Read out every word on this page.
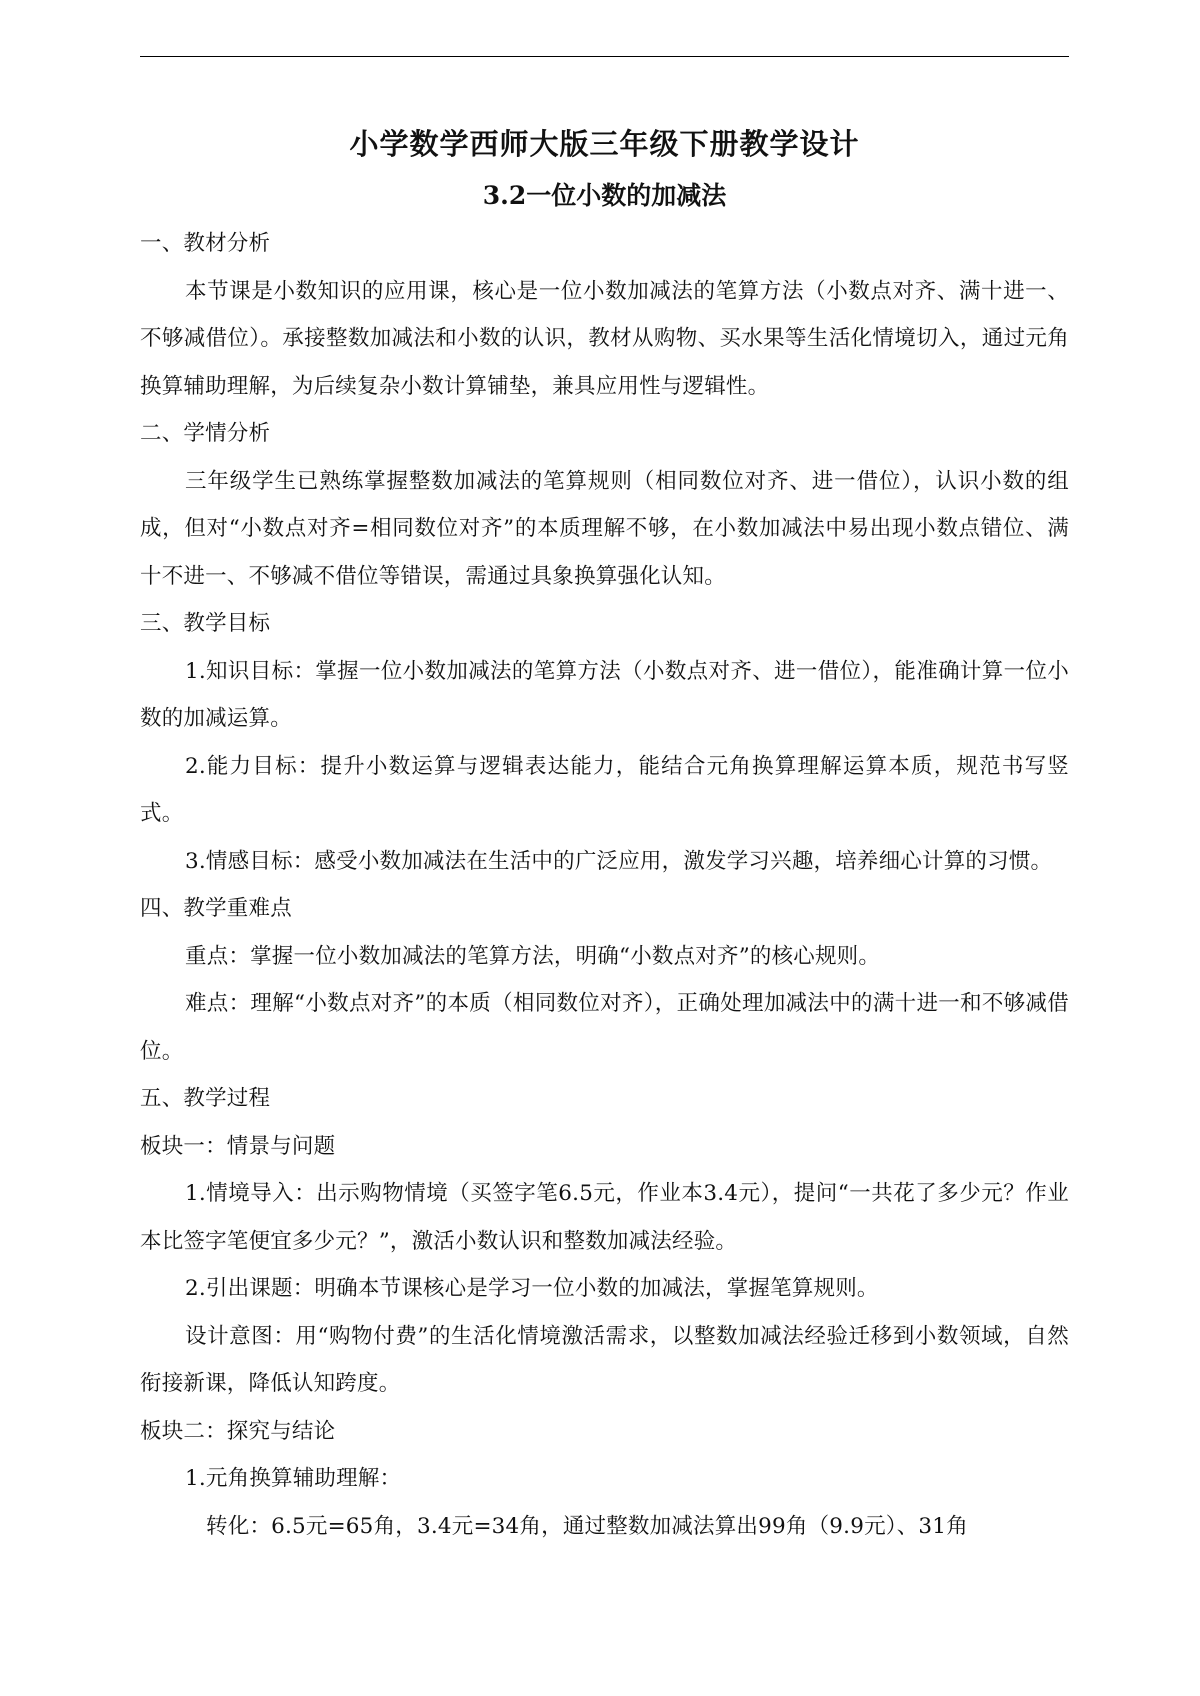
小学数学西师大版三年级下册教学设计
3.2一位小数的加减法

一、教材分析

本节课是小数知识的应用课，核心是一位小数加减法的笔算方法（小数点对齐、满十进一、不够减借位）。承接整数加减法和小数的认识，教材从购物、买水果等生活化情境切入，通过元角换算辅助理解，为后续复杂小数计算铺垫，兼具应用性与逻辑性。

二、学情分析

三年级学生已熟练掌握整数加减法的笔算规则（相同数位对齐、进一借位），认识小数的组成，但对“小数点对齐=相同数位对齐”的本质理解不够，在小数加减法中易出现小数点错位、满十不进一、不够减不借位等错误，需通过具象换算强化认知。

三、教学目标

1.知识目标：掌握一位小数加减法的笔算方法（小数点对齐、进一借位），能准确计算一位小数的加减运算。

2.能力目标：提升小数运算与逻辑表达能力，能结合元角换算理解运算本质，规范书写竖式。

3.情感目标：感受小数加减法在生活中的广泛应用，激发学习兴趣，培养细心计算的习惯。

四、教学重难点

重点：掌握一位小数加减法的笔算方法，明确“小数点对齐”的核心规则。

难点：理解“小数点对齐”的本质（相同数位对齐），正确处理加减法中的满十进一和不够减借位。

五、教学过程

板块一：情景与问题

1.情境导入：出示购物情境（买签字笔6.5元，作业本3.4元），提问“一共花了多少元？作业本比签字笔便宜多少元？”，激活小数认识和整数加减法经验。

2.引出课题：明确本节课核心是学习一位小数的加减法，掌握笔算规则。

设计意图：用“购物付费”的生活化情境激活需求，以整数加减法经验迁移到小数领域，自然衔接新课，降低认知跨度。

板块二：探究与结论

1.元角换算辅助理解：

转化：6.5元=65角，3.4元=34角，通过整数加减法算出99角（9.9元）、31角
